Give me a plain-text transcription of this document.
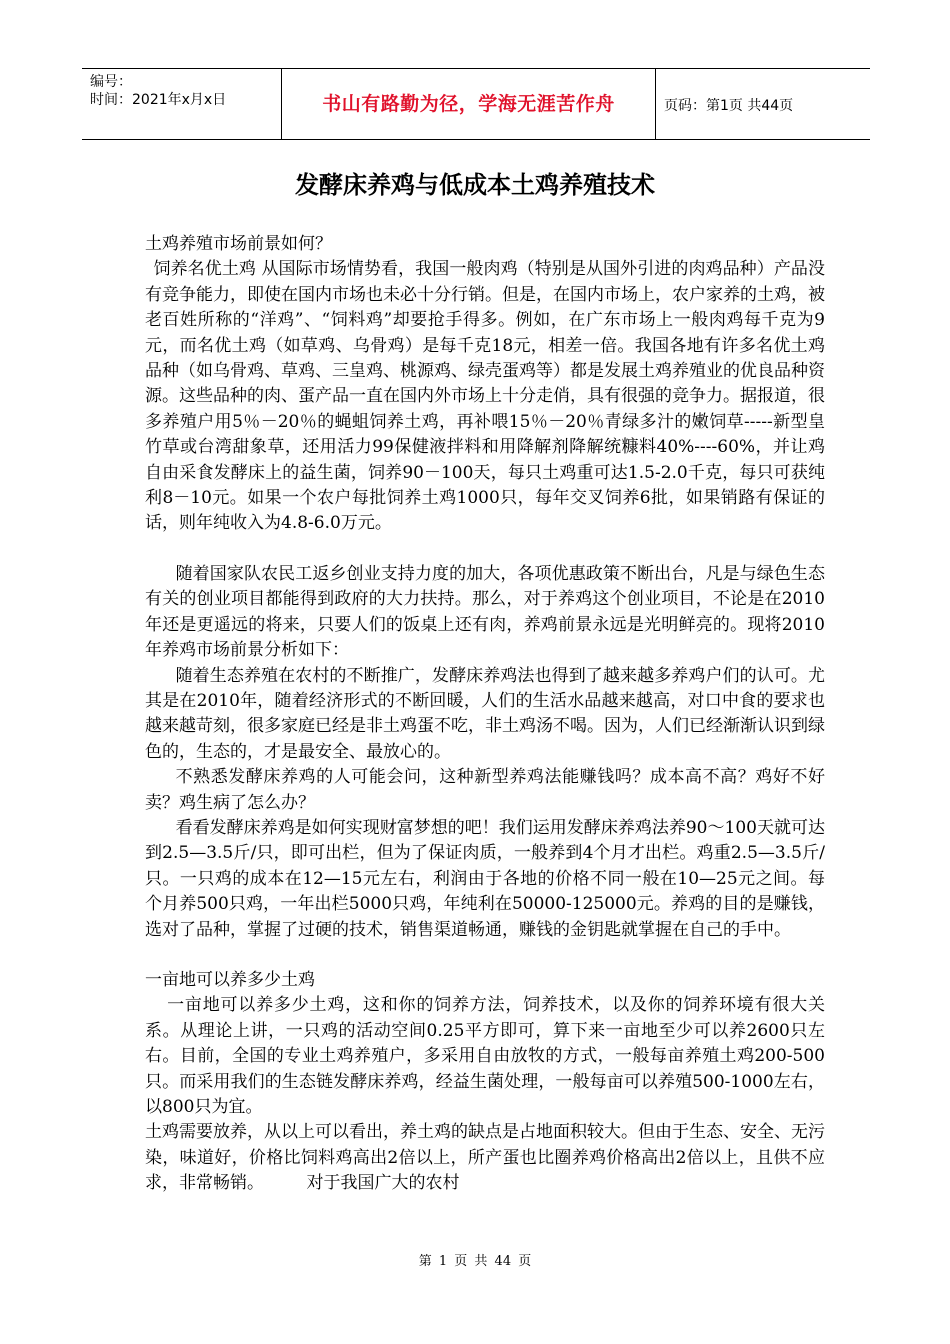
编号：
时间：2021年x月x日	书山有路勤为径，学海无涯苦作舟	页码：第1页 共44页
发酵床养鸡与低成本土鸡养殖技术

土鸡养殖市场前景如何？

饲养名优土鸡 从国际市场情势看，我国一般肉鸡（特别是从国外引进的肉鸡品种）产品没有竞争能力，即使在国内市场也未必十分行销。但是，在国内市场上，农户家养的土鸡，被老百姓所称的“洋鸡”、“饲料鸡”却要抢手得多。例如，在广东市场上一般肉鸡每千克为9元，而名优土鸡（如草鸡、乌骨鸡）是每千克18元，相差一倍。我国各地有许多名优土鸡品种（如乌骨鸡、草鸡、三皇鸡、桃源鸡、绿壳蛋鸡等）都是发展土鸡养殖业的优良品种资源。这些品种的肉、蛋产品一直在国内外市场上十分走俏，具有很强的竞争力。据报道，很多养殖户用5％－20％的蝇蛆饲养土鸡，再补喂15％－20％青绿多汁的嫩饲草-----新型皇竹草或台湾甜象草，还用活力99保健液拌料和用降解剂降解统糠料40%----60%，并让鸡自由采食发酵床上的益生菌，饲养90－100天，每只土鸡重可达1.5-2.0千克，每只可获纯利8－10元。如果一个农户每批饲养土鸡1000只，每年交叉饲养6批，如果销路有保证的话，则年纯收入为4.8-6.0万元。

随着国家队农民工返乡创业支持力度的加大，各项优惠政策不断出台，凡是与绿色生态有关的创业项目都能得到政府的大力扶持。那么，对于养鸡这个创业项目，不论是在2010年还是更遥远的将来，只要人们的饭桌上还有肉，养鸡前景永远是光明鲜亮的。现将2010年养鸡市场前景分析如下：

随着生态养殖在农村的不断推广，发酵床养鸡法也得到了越来越多养鸡户们的认可。尤其是在2010年，随着经济形式的不断回暖，人们的生活水品越来越高，对口中食的要求也越来越苛刻，很多家庭已经是非土鸡蛋不吃，非土鸡汤不喝。因为，人们已经渐渐认识到绿色的，生态的，才是最安全、最放心的。

不熟悉发酵床养鸡的人可能会问，这种新型养鸡法能赚钱吗？成本高不高？鸡好不好卖？鸡生病了怎么办？

看看发酵床养鸡是如何实现财富梦想的吧！我们运用发酵床养鸡法养90～100天就可达到2.5—3.5斤/只，即可出栏，但为了保证肉质，一般养到4个月才出栏。鸡重2.5—3.5斤/只。一只鸡的成本在12—15元左右，利润由于各地的价格不同一般在10—25元之间。每个月养500只鸡，一年出栏5000只鸡，年纯利在50000-125000元。养鸡的目的是赚钱，选对了品种，掌握了过硬的技术，销售渠道畅通，赚钱的金钥匙就掌握在自己的手中。

一亩地可以养多少土鸡

一亩地可以养多少土鸡，这和你的饲养方法，饲养技术，以及你的饲养环境有很大关系。从理论上讲，一只鸡的活动空间0.25平方即可，算下来一亩地至少可以养2600只左右。目前，全国的专业土鸡养殖户，多采用自由放牧的方式，一般每亩养殖土鸡200-500只。而采用我们的生态链发酵床养鸡，经益生菌处理，一般每亩可以养殖500-1000左右，以800只为宜。

土鸡需要放养，从以上可以看出，养土鸡的缺点是占地面积较大。但由于生态、安全、无污染，味道好，价格比饲料鸡高出2倍以上，所产蛋也比圈养鸡价格高出2倍以上，且供不应求，非常畅销。　　　对于我国广大的农村

第 1 页 共 44 页
